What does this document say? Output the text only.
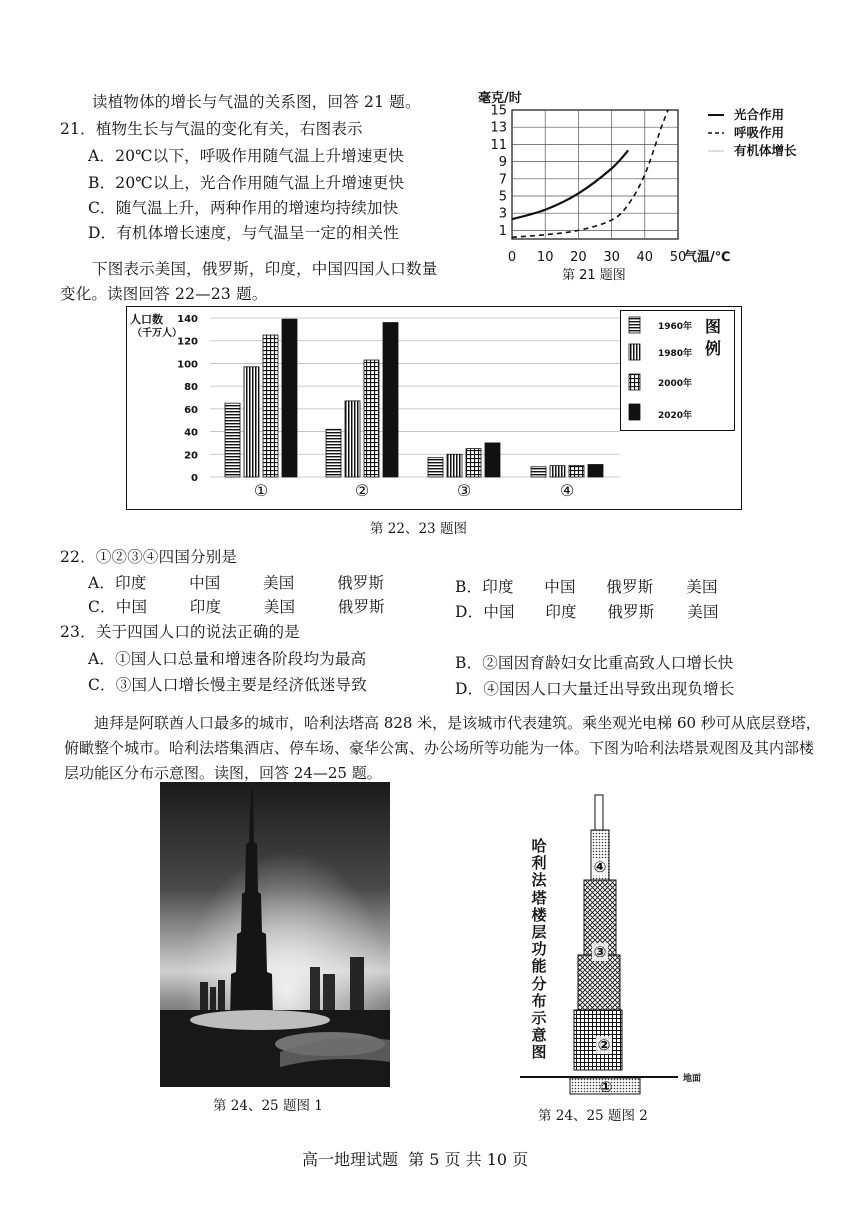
读植物体的增长与气温的关系图，回答 21 题。
21．植物生长与气温的变化有关，右图表示
A．20℃以下，呼吸作用随气温上升增速更快
B．20℃以上，光合作用随气温上升增速更快
C．随气温上升，两种作用的增速均持续加快
D．有机体增长速度，与气温呈一定的相关性
毫克/时
1
3
5
7
9
11
13
15
0 10 20 30 40 50
气温/℃
光合作用
呼吸作用
有机体增长
第 21 题图
下图表示美国，俄罗斯，印度，中国四国人口数量
变化。读图回答 22—23 题。
人口数
（千万人）
0
20
40
60
80
100
120
140
①	②	③	④
1960年
1980年
2000年
2020年
图
例
第 22、23 题图
22．①②③④四国分别是
A．印度	中国	美国	俄罗斯	B．印度 中国 俄罗斯 美国
C．中国	印度	美国	俄罗斯	D．中国 印度 俄罗斯 美国
23．关于四国人口的说法正确的是
A．①国人口总量和增速各阶段均为最高	B．②国因育龄妇女比重高致人口增长快
C．③国人口增长慢主要是经济低迷导致	D．④国因人口大量迁出导致出现负增长
迪拜是阿联酋人口最多的城市，哈利法塔高 828 米，是该城市代表建筑。乘坐观光电梯 60 秒可从底层登塔，俯瞰整个城市。哈利法塔集酒店、停车场、豪华公寓、办公场所等功能为一体。下图为哈利法塔景观图及其内部楼层功能区分布示意图。读图，回答 24—25 题。
第 24、25 题图 1
地面
④
③
②
①
哈
利
法
塔
楼
层
功
能
分
布
示
意
图
第 24、25 题图 2
高一地理试题  第 5 页 共 10 页
